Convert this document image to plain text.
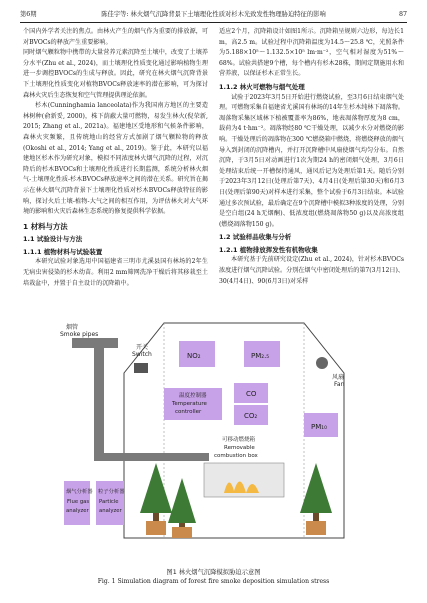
第6期	陈佳宇等: 林火烟气沉降背景下土壤理化性质对杉木光致发性物理胁迫特征的影响	87

个国内外学者关注的焦点。由林火产生的烟气作为重要的排放源，可对BVOCs的释放产生重要影响。

同时烟气颗粒物中携带的大量营养元素沉降至土壤中，改变了土壤养分水平(Zhu et al., 2024)，而土壤理化性质变化通过影响植物生理进一步调控BVOCs的生成与释放。因此，研究在林火烟气沉降背景下土壤理化性质变化对植物BVOCs释放速率的潜在影响，可为探讨森林火灾后生态恢复和空气管理提供理论依据。

杉木(Cunninghamia lanceolata)作为我国南方地区的主要造林树种(俞新妥, 2000)，株下荫蔽大量可燃物，易发生林火(倪荣新, 2015; Zhang et al., 2021a)。福建地区受地形和气候条件影响，森林火灾频繁，且传统地山的经营方式加剧了烟气颗粒物的释放(Okoshi et al., 2014; Yang et al., 2019)。鉴于此，本研究以福建地区杉木作为研究对象，模拟不同浓度林火烟气沉降的过程，对沉降后的杉木BVOCs和土壤理化性质进行长期监测，系统分析林火烟气-土壤理化性质-杉木BVOCs释放速率之间的潜在关系。研究旨在揭示在林火烟气沉降背景下土壤理化性质对杉木BVOCs释放特征的影响，探讨火后土壤-植物-大气之间的相互作用，为评估林火对大气环境的影响和火灾后森林生态系统的修复提供科学依据。

1 材料与方法
1.1 试验设计与方法
1.1.1 植物材料与试验装置

本研究试验对象选用中国福建省三明市尤溪县国有林场的2年生无病虫害侵染的杉木幼苗。利用2 mm筛网洗净干燥后将其移栽至土培栽盆中，并置于自主设计的沉降箱中。

适应2个月，沉降箱设计如图1所示。沉降箱呈规则六边形，每边长1 m，高2.5 m。试验过程中沉降箱温度为14.5～25.8 ℃，光照条件为5.188×10⁵～1.132.5×10⁵ lm·m⁻²，空气相对湿度为51%～68%。试验共搭建9个槽，每个槽内有杉木28株，期间定期施用水和营养液，以保证杉木正常生长。

1.1.2 林火可燃物与烟气处理

试验于2023年3月5日开始进行燃烧试验，至3月6日结束烟气处理。可燃物采集自福建省尤溪国有林场的14年生杉木纯林下凋落物。凋落物采集区域林下植被覆盖率为86%，地表凋落物厚度为8 cm，载荷为4 t·hm⁻²。凋落物经80 ℃干燥处理，以减少水分对燃烧的影响。干燥处理后的凋落物在300 ℃燃烧箱中燃烧，将燃烧释放的烟气导入到封闭的沉降槽内，并打开沉降槽中风扇使烟气均匀分布。自然沉降，于3月5日对动画进行1次为期24 h的密闭烟气处理，3月6日处理结束后统一开槽保持通风，通风后记为处理后第1天。随后分别于2023年3月12日(处理后第7天)、4月4日(处理后第30天)和6月3日(处理后第90天)对样本进行采集，整个试验于6月3日结束。本试验通过多次预试验，最后确定在9个沉降槽中模拟3种浓度的处理，分别是空白组(24 h无烟酮)、低浓度组(燃烧凋落物50 g)以及高浓度组(燃烧凋落物150 g)。

1.2 试验样品收集与分析
1.2.1 植物排放挥发性有机物收集

本研究基于先前研究设定(Zhu et al., 2024)，针对杉木BVOCs浓度进行烟气沉降试验。分别在烟气中密闭处理后的第7(3月12日)、30(4月4日)、90(6月3日)对采样

烟管 Smoke pipes
开关 Switch	NO₂	PM₂.₅
风扇 Fan
温度控制器 Temperature controller
CO
CO₂
PM₁₀
可移动燃烧箱 Removable combustion box
烟气分析器 Flue gas analyzer
粒子分析器 Particle analyzer
图1 林火烟气沉降模拟胁迫示意图
Fig. 1 Simulation diagram of forest fire smoke deposition simulation stress
